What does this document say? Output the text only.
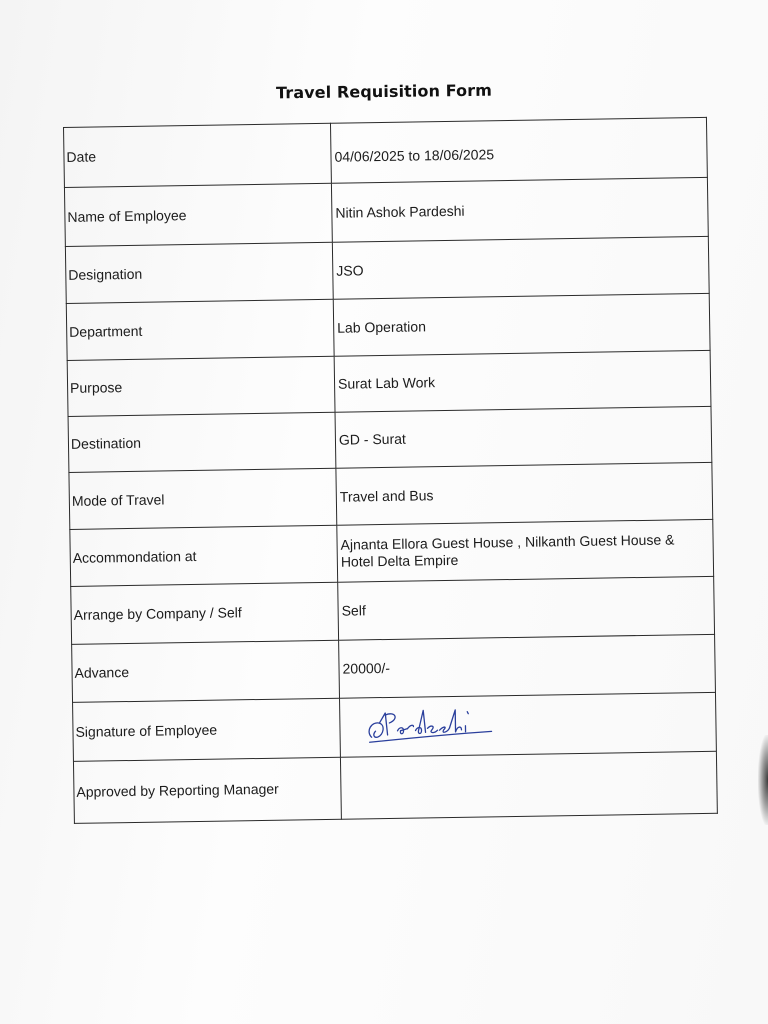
Travel Requisition Form
Date	04/06/2025 to 18/06/2025
Name of Employee	Nitin Ashok Pardeshi
Designation	JSO
Department	Lab Operation
Purpose	Surat Lab Work
Destination	GD - Surat
Mode of Travel	Travel and Bus
Accommondation at	Ajnanta Ellora Guest House , Nilkanth Guest House & Hotel Delta Empire
Arrange by Company / Self	Self
Advance	20000/-
Signature of Employee	

Approved by Reporting Manager	
